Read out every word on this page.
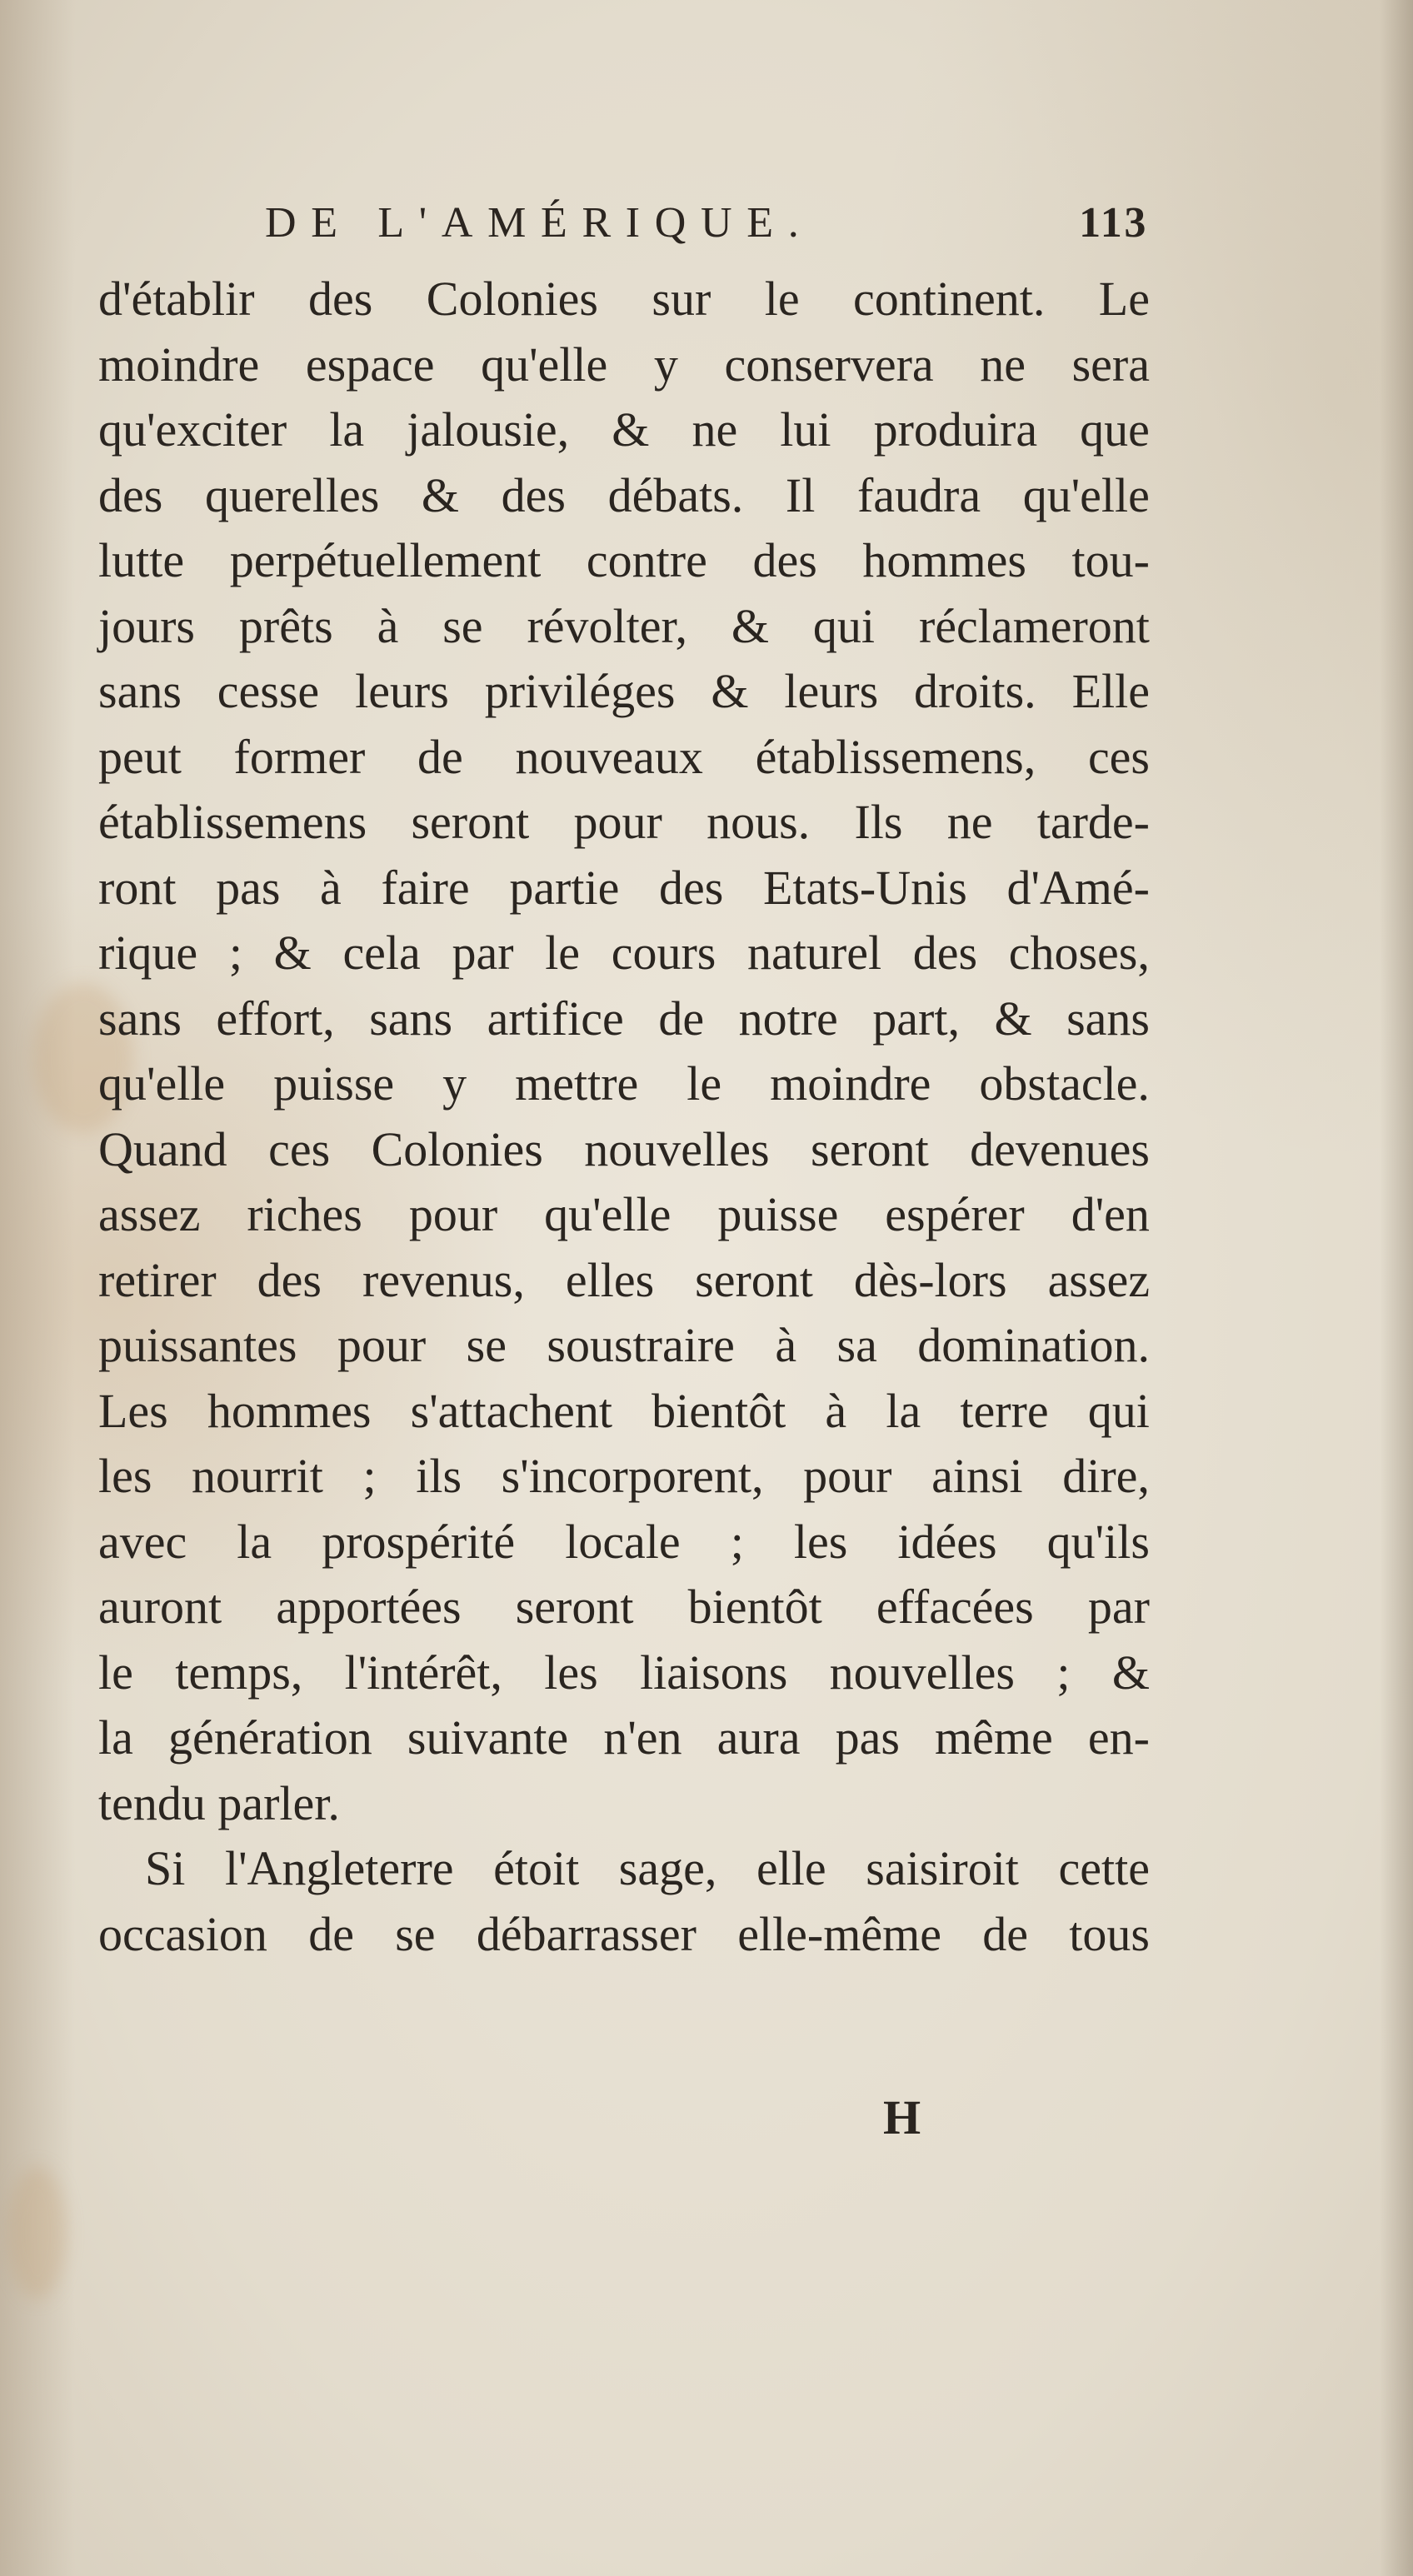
DE L'AMÉRIQUE.	113
d'établir des Colonies sur le continent. Le
moindre espace qu'elle y conservera ne sera
qu'exciter la jalousie, & ne lui produira que
des querelles & des débats. Il faudra qu'elle
lutte perpétuellement contre des hommes tou-
jours prêts à se révolter, & qui réclameront
sans cesse leurs priviléges & leurs droits. Elle
peut former de nouveaux établissemens, ces
établissemens seront pour nous. Ils ne tarde-
ront pas à faire partie des Etats-Unis d'Amé-
rique ; & cela par le cours naturel des choses,
sans effort, sans artifice de notre part, & sans
qu'elle puisse y mettre le moindre obstacle.
Quand ces Colonies nouvelles seront devenues
assez riches pour qu'elle puisse espérer d'en
retirer des revenus, elles seront dès-lors assez
puissantes pour se soustraire à sa domination.
Les hommes s'attachent bientôt à la terre qui
les nourrit ; ils s'incorporent, pour ainsi dire,
avec la prospérité locale ; les idées qu'ils
auront apportées seront bientôt effacées par
le temps, l'intérêt, les liaisons nouvelles ; &
la génération suivante n'en aura pas même en-
tendu parler.
Si l'Angleterre étoit sage, elle saisiroit cette
occasion de se débarrasser elle-même de tous
H
